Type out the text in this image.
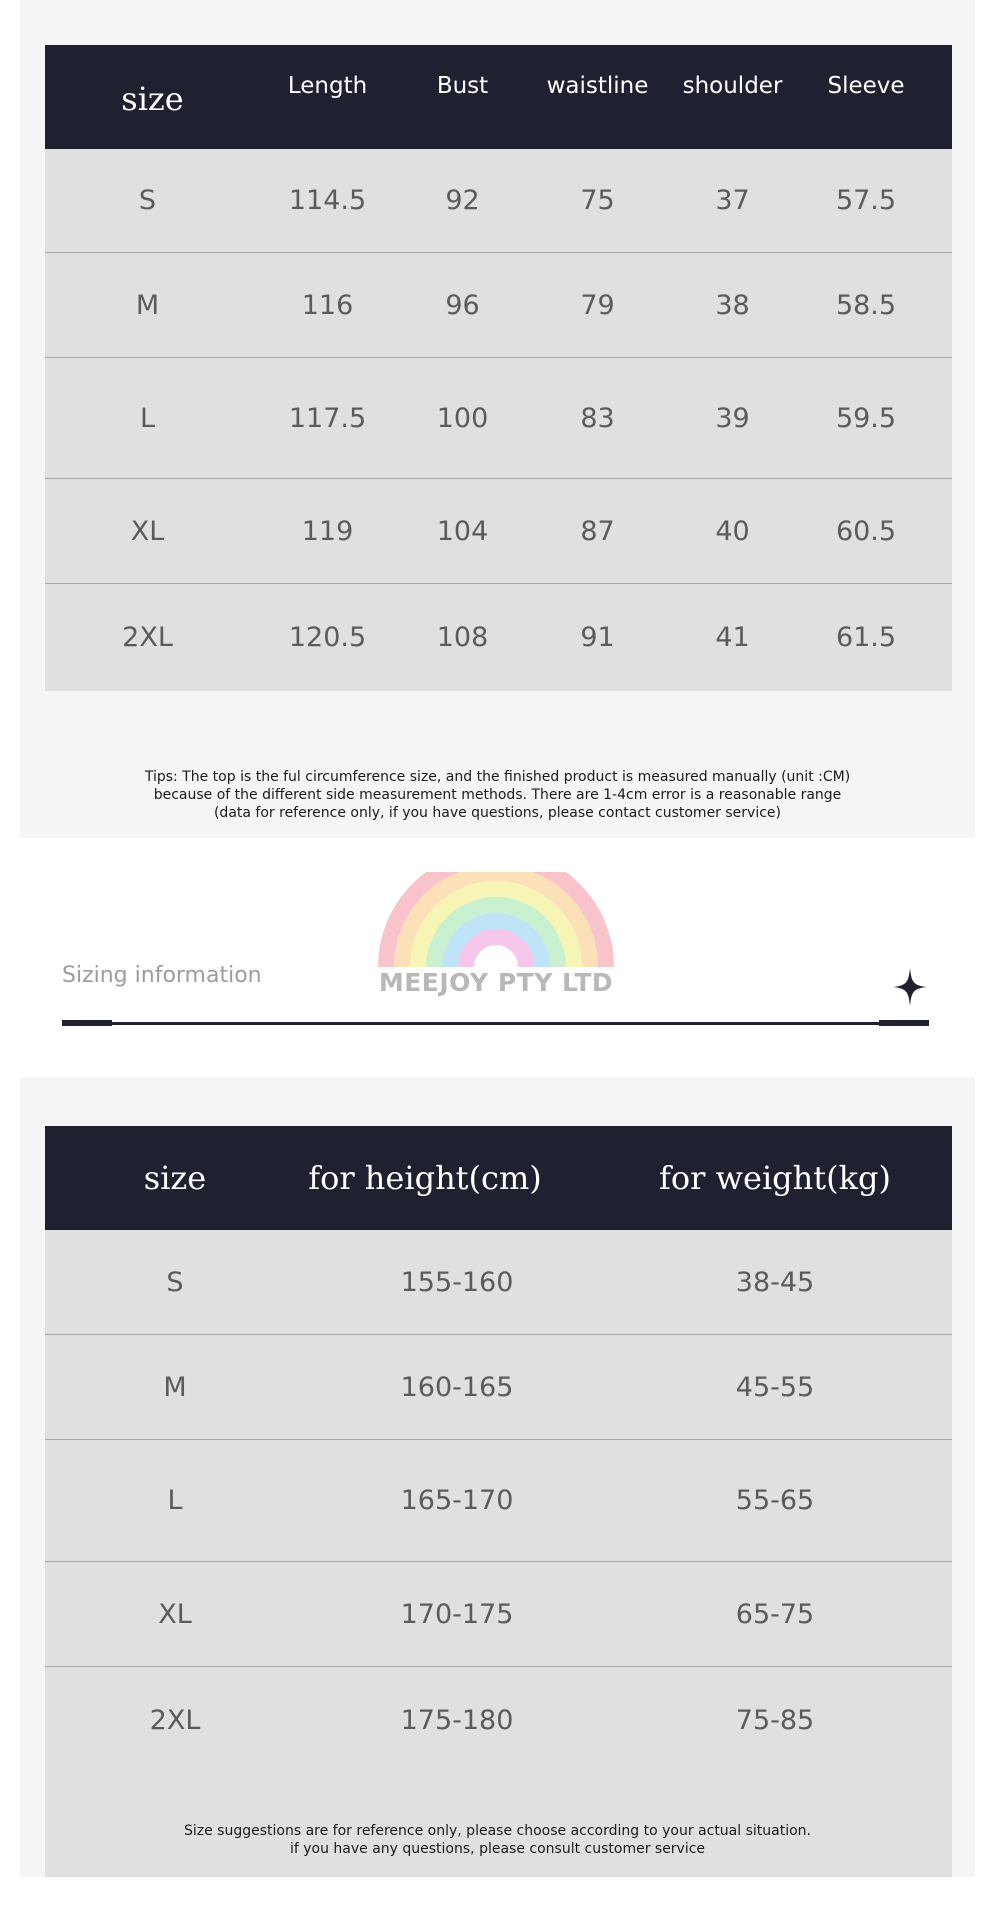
size	Length	Bust	waistline	shoulder	Sleeve
S	114.5	92	75	37	57.5
M	116	96	79	38	58.5
L	117.5	100	83	39	59.5
XL	119	104	87	40	60.5
2XL	120.5	108	91	41	61.5
Tips: The top is the ful circumference size, and the finished product is measured manually (unit :CM)
because of the different side measurement methods. There are 1-4cm error is a reasonable range
(data for reference only, if you have questions, please contact customer service)
MEEJOY PTY LTD
Sizing information
size	for height(cm)	for weight(kg)
S	155-160	38-45
M	160-165	45-55
L	165-170	55-65
XL	170-175	65-75
2XL	175-180	75-85
Size suggestions are for reference only, please choose according to your actual situation.
if you have any questions, please consult customer service
